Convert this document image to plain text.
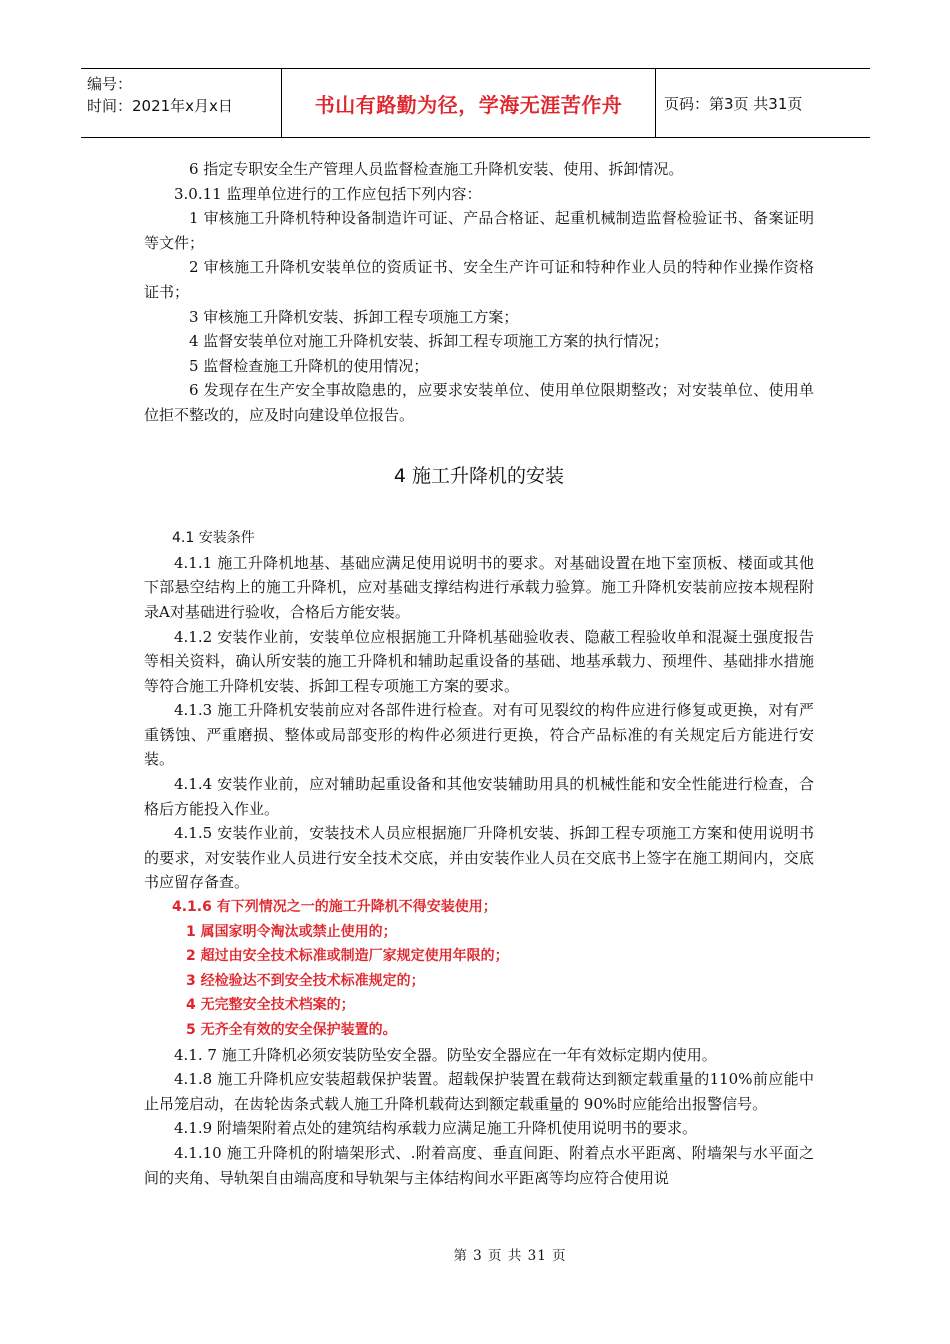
编号：
时间：2021年x月x日	书山有路勤为径，学海无涯苦作舟	页码：第3页 共31页
6 指定专职安全生产管理人员监督检查施工升降机安装、使用、拆卸情况。
3.0.11 监理单位进行的工作应包括下列内容：
1 审核施工升降机特种设备制造许可证、产品合格证、起重机械制造监督检验证书、备案证明等文件；
2 审核施工升降机安装单位的资质证书、安全生产许可证和特种作业人员的特种作业操作资格证书；
3 审核施工升降机安装、拆卸工程专项施工方案；
4 监督安装单位对施工升降机安装、拆卸工程专项施工方案的执行情况；
5 监督检查施工升降机的使用情况；
6 发现存在生产安全事故隐患的，应要求安装单位、使用单位限期整改；对安装单位、使用单位拒不整改的，应及时向建设单位报告。
4 施工升降机的安装
4.1 安装条件
4.1.1 施工升降机地基、基础应满足使用说明书的要求。对基础设置在地下室顶板、楼面或其他下部悬空结构上的施工升降机，应对基础支撑结构进行承载力验算。施工升降机安装前应按本规程附录A对基础进行验收，合格后方能安装。
4.1.2 安装作业前，安装单位应根据施工升降机基础验收表、隐蔽工程验收单和混凝土强度报告等相关资料，确认所安装的施工升降机和辅助起重设备的基础、地基承载力、预埋件、基础排水措施等符合施工升降机安装、拆卸工程专项施工方案的要求。
4.1.3 施工升降机安装前应对各部件进行检查。对有可见裂纹的构件应进行修复或更换，对有严重锈蚀、严重磨损、整体或局部变形的构件必须进行更换，符合产品标准的有关规定后方能进行安装。
4.1.4 安装作业前，应对辅助起重设备和其他安装辅助用具的机械性能和安全性能进行检查，合格后方能投入作业。
4.1.5 安装作业前，安装技术人员应根据施厂升降机安装、拆卸工程专项施工方案和使用说明书的要求，对安装作业人员进行安全技术交底，并由安装作业人员在交底书上签字在施工期间内，交底书应留存备查。
4.1.6 有下列情况之一的施工升降机不得安装使用；
1 属国家明令淘汰或禁止使用的；
2 超过由安全技术标准或制造厂家规定使用年限的；
3 经检验达不到安全技术标准规定的；
4 无完整安全技术档案的；
5 无齐全有效的安全保护装置的。
4.1. 7 施工升降机必须安装防坠安全器。防坠安全器应在一年有效标定期内使用。
4.1.8 施工升降机应安装超载保护装置。超载保护装置在载荷达到额定载重量的110%前应能中止吊笼启动，在齿轮齿条式载人施工升降机载荷达到额定载重量的 90%时应能给出报警信号。
4.1.9 附墙架附着点处的建筑结构承载力应满足施工升降机使用说明书的要求。
4.1.10 施工升降机的附墙架形式、.附着高度、垂直间距、附着点水平距离、附墙架与水平面之间的夹角、导轨架自由端高度和导轨架与主体结构间水平距离等均应符合使用说
第 3 页 共 31 页
